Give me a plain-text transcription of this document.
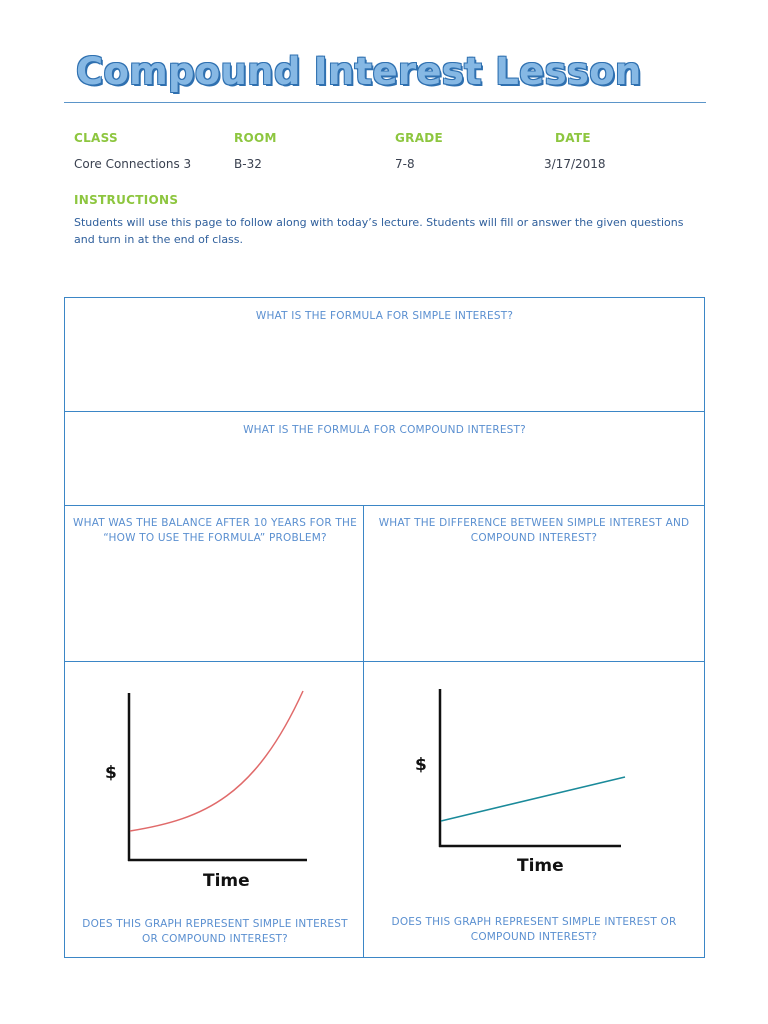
Compound Interest Lesson
CLASS	ROOM	GRADE	DATE
Core Connections 3	B-32	7-8	3/17/2018
INSTRUCTIONS

Students will use this page to follow along with today’s lecture. Students will fill or answer the given questions and turn in at the end of class.

WHAT IS THE FORMULA FOR SIMPLE INTEREST?

WHAT IS THE FORMULA FOR COMPOUND INTEREST?

WHAT WAS THE BALANCE AFTER 10 YEARS FOR THE “HOW TO USE THE FORMULA” PROBLEM?

WHAT THE DIFFERENCE BETWEEN SIMPLE INTEREST AND COMPOUND INTEREST?

$
Time
$
Time

DOES THIS GRAPH REPRESENT SIMPLE INTEREST OR COMPOUND INTEREST?

DOES THIS GRAPH REPRESENT SIMPLE INTEREST OR COMPOUND INTEREST?
